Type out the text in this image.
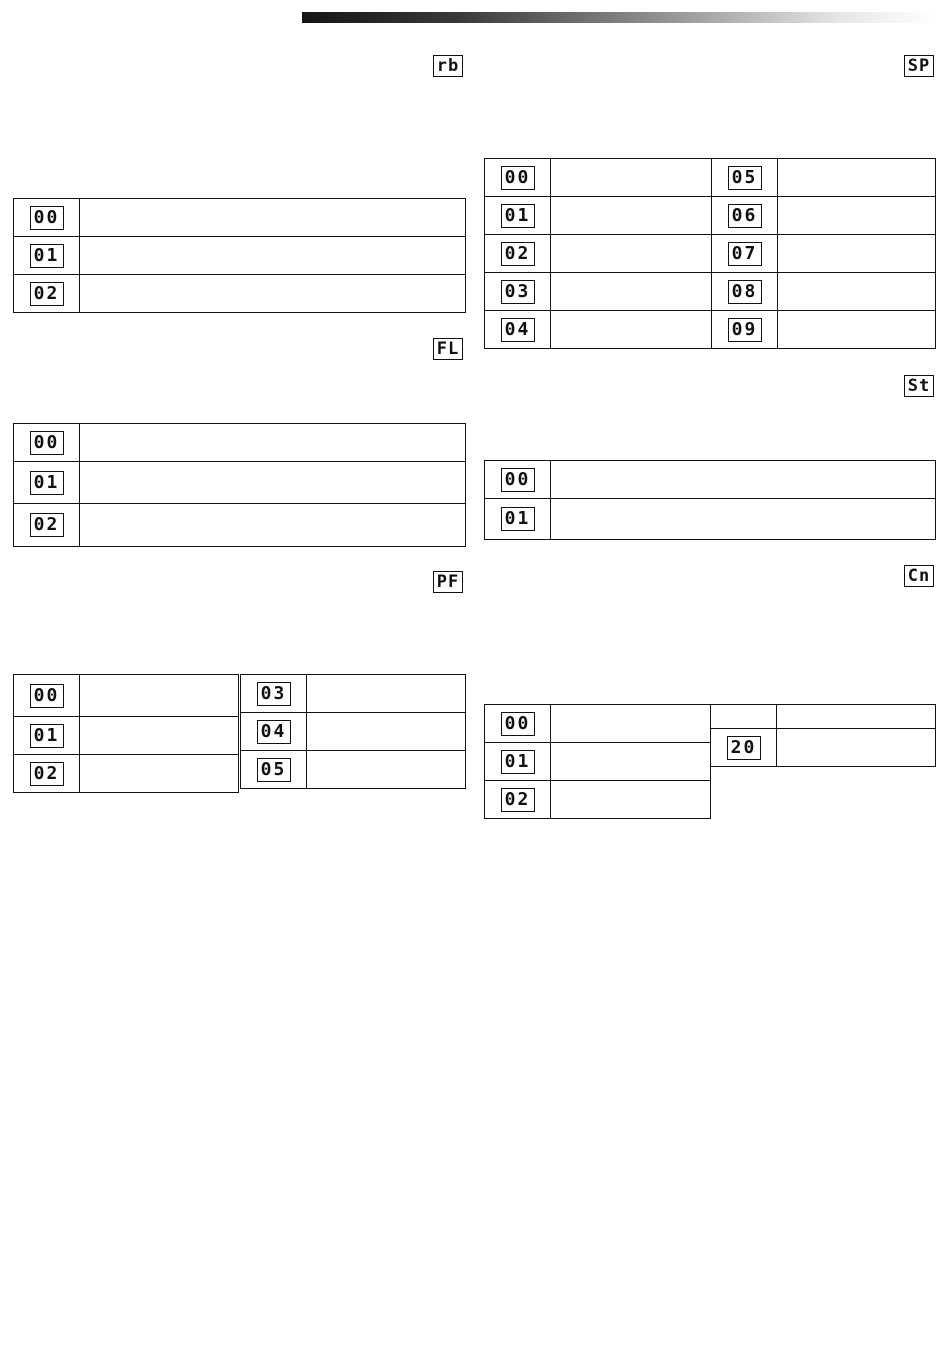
rb
00	
01	
02	
FL
00	
01	
02	
PF
00	
01	
02	
03	
04	
05	
SP
00		05	
01		06	
02		07	
03		08	
04		09	
St
00	
01	
Cn
00	
01	
02	

20	
